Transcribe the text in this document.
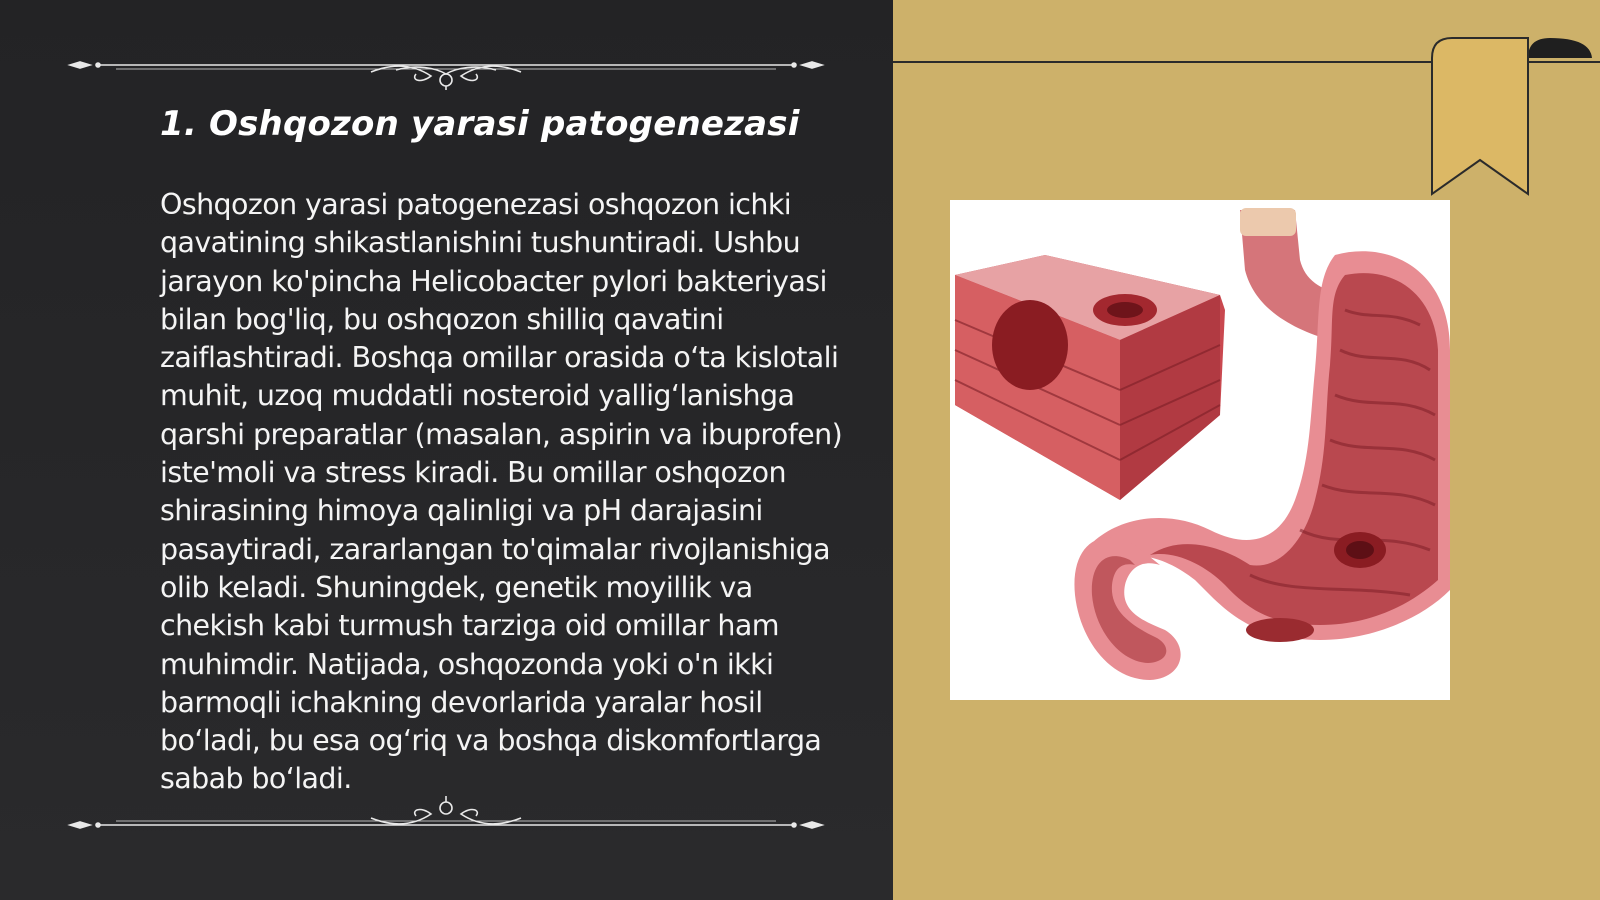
1. Oshqozon yarasi patogenezasi

Oshqozon yarasi patogenezasi oshqozon ichki qavatining shikastlanishini tushuntiradi. Ushbu jarayon ko'pincha Helicobacter pylori bakteriyasi bilan bog'liq, bu oshqozon shilliq qavatini zaiflashtiradi. Boshqa omillar orasida o‘ta kislotali muhit, uzoq muddatli nosteroid yallig‘lanishga qarshi preparatlar (masalan, aspirin va ibuprofen) iste'moli va stress kiradi. Bu omillar oshqozon shirasining himoya qalinligi va pH darajasini pasaytiradi, zararlangan to'qimalar rivojlanishiga olib keladi. Shuningdek, genetik moyillik va chekish kabi turmush tarziga oid omillar ham muhimdir. Natijada, oshqozonda yoki o'n ikki barmoqli ichakning devorlarida yaralar hosil bo‘ladi, bu esa og‘riq va boshqa diskomfortlarga sabab bo‘ladi.
